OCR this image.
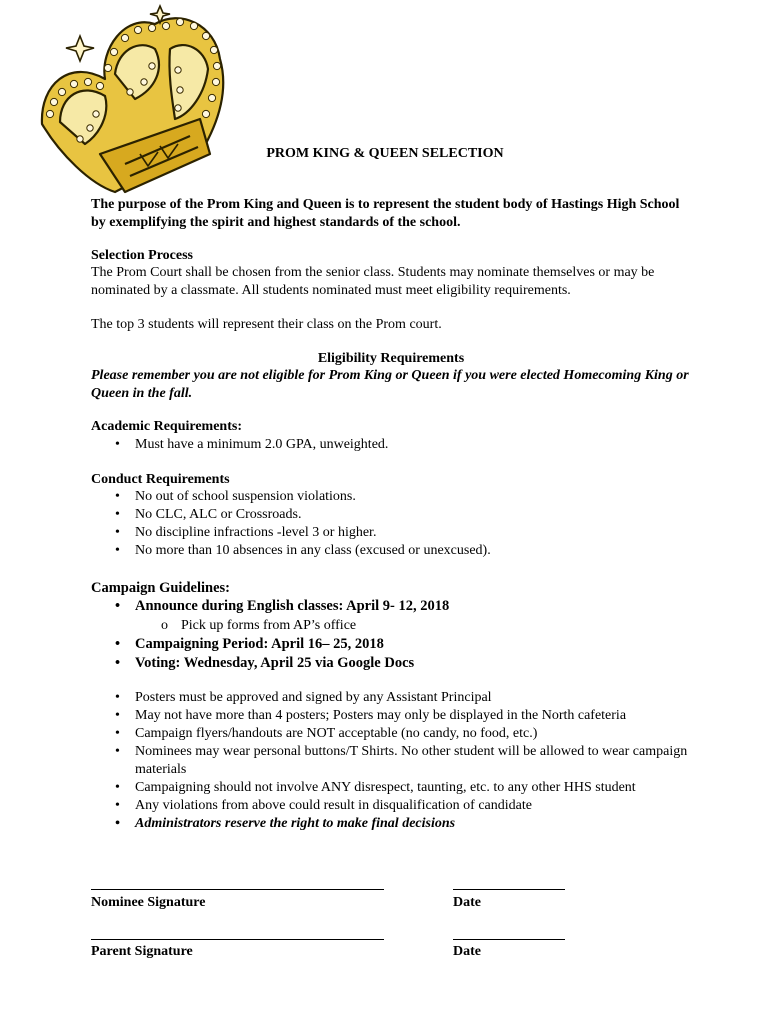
PROM KING & QUEEN SELECTION
The purpose of the Prom King and Queen is to represent the student body of Hastings High School by exemplifying the spirit and highest standards of the school.
Selection Process
The Prom Court shall be chosen from the senior class. Students may nominate themselves or may be nominated by a classmate. All students nominated must meet eligibility requirements.
The top 3 students will represent their class on the Prom court.
Eligibility Requirements
Please remember you are not eligible for Prom King or Queen if you were elected Homecoming King or Queen in the fall.
Academic Requirements:
• Must have a minimum 2.0 GPA, unweighted.
Conduct Requirements
• No out of school suspension violations.
• No CLC, ALC or Crossroads.
• No discipline infractions -level 3 or higher.
• No more than 10 absences in any class (excused or unexcused).
Campaign Guidelines:
• Announce during English classes: April 9- 12, 2018
o Pick up forms from AP’s office
• Campaigning Period: April 16– 25, 2018
• Voting: Wednesday, April 25 via Google Docs
• Posters must be approved and signed by any Assistant Principal
• May not have more than 4 posters; Posters may only be displayed in the North cafeteria
• Campaign flyers/handouts are NOT acceptable (no candy, no food, etc.)
• Nominees may wear personal buttons/T Shirts. No other student will be allowed to wear campaign materials
• Campaigning should not involve ANY disrespect, taunting, etc. to any other HHS student
• Any violations from above could result in disqualification of candidate
• Administrators reserve the right to make final decisions
Nominee Signature	Date
Parent Signature	Date
